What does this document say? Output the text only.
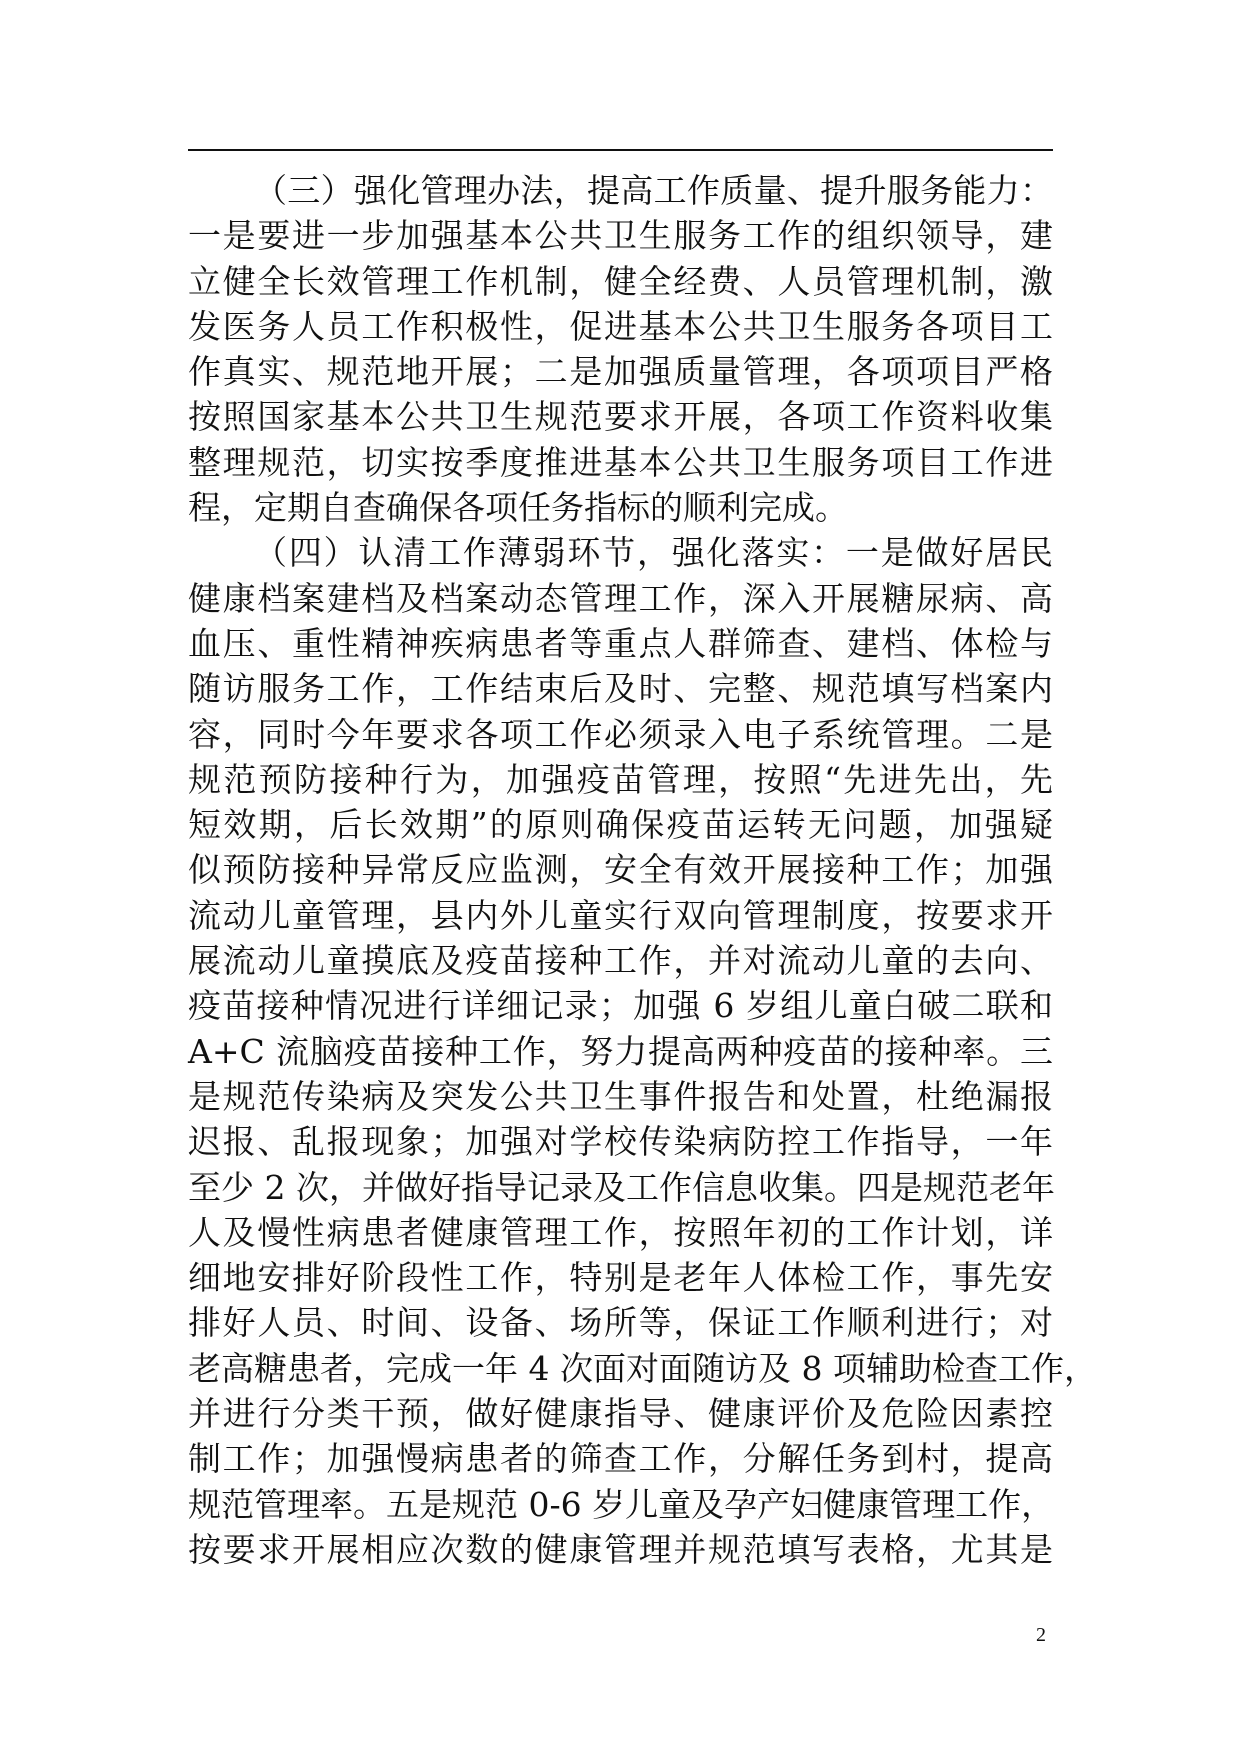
（三）强化管理办法，提高工作质量、提升服务能力：
一是要进一步加强基本公共卫生服务工作的组织领导，建
立健全长效管理工作机制，健全经费、人员管理机制，激
发医务人员工作积极性，促进基本公共卫生服务各项目工
作真实、规范地开展；二是加强质量管理，各项项目严格
按照国家基本公共卫生规范要求开展，各项工作资料收集
整理规范，切实按季度推进基本公共卫生服务项目工作进
程，定期自查确保各项任务指标的顺利完成。
（四）认清工作薄弱环节，强化落实：一是做好居民
健康档案建档及档案动态管理工作，深入开展糖尿病、高
血压、重性精神疾病患者等重点人群筛查、建档、体检与
随访服务工作，工作结束后及时、完整、规范填写档案内
容，同时今年要求各项工作必须录入电子系统管理。二是
规范预防接种行为，加强疫苗管理，按照“先进先出，先
短效期，后长效期”的原则确保疫苗运转无问题，加强疑
似预防接种异常反应监测，安全有效开展接种工作；加强
流动儿童管理，县内外儿童实行双向管理制度，按要求开
展流动儿童摸底及疫苗接种工作，并对流动儿童的去向、
疫苗接种情况进行详细记录；加强 6 岁组儿童白破二联和
A+C 流脑疫苗接种工作，努力提高两种疫苗的接种率。三
是规范传染病及突发公共卫生事件报告和处置，杜绝漏报
迟报、乱报现象；加强对学校传染病防控工作指导，一年
至少 2 次，并做好指导记录及工作信息收集。四是规范老年
人及慢性病患者健康管理工作，按照年初的工作计划，详
细地安排好阶段性工作，特别是老年人体检工作，事先安
排好人员、时间、设备、场所等，保证工作顺利进行；对
老高糖患者，完成一年 4 次面对面随访及 8 项辅助检查工作，
并进行分类干预，做好健康指导、健康评价及危险因素控
制工作；加强慢病患者的筛查工作，分解任务到村，提高
规范管理率。五是规范 0-6 岁儿童及孕产妇健康管理工作，
按要求开展相应次数的健康管理并规范填写表格，尤其是
2
